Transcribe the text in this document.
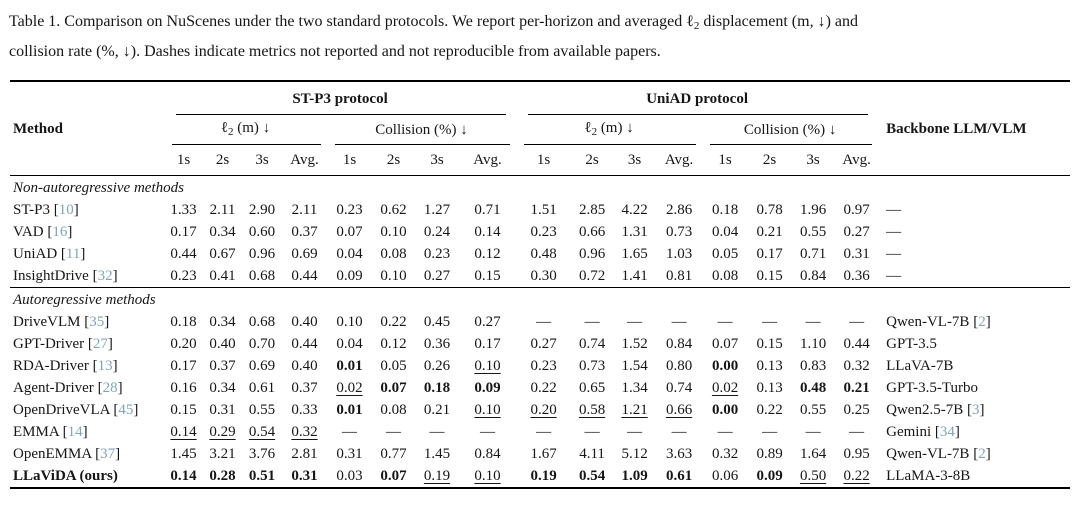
Table 1. Comparison on NuScenes under the two standard protocols. We report per-horizon and averaged ℓ2 displacement (m, ↓) and
collision rate (%, ↓). Dashes indicate metrics not reported and not reproducible from available papers.

Method	ST-P3 protocol								UniAD protocol								Backbone LLM/VLM
	ℓ$_2$ (m) ↓				Collision (%) ↓				ℓ$_2$ (m) ↓				Collision (%) ↓				
	1s	2s	3s	Avg.	1s	2s	3s	Avg.	1s	2s	3s	Avg.	1s	2s	3s	Avg.	
Non-autoregressive methods																	
ST-P3 [10]	1.33	2.11	2.90	2.11	0.23	0.62	1.27	0.71	1.51	2.85	4.22	2.86	0.18	0.78	1.96	0.97	—
VAD [16]	0.17	0.34	0.60	0.37	0.07	0.10	0.24	0.14	0.23	0.66	1.31	0.73	0.04	0.21	0.55	0.27	—
UniAD [11]	0.44	0.67	0.96	0.69	0.04	0.08	0.23	0.12	0.48	0.96	1.65	1.03	0.05	0.17	0.71	0.31	—
InsightDrive [32]	0.23	0.41	0.68	0.44	0.09	0.10	0.27	0.15	0.30	0.72	1.41	0.81	0.08	0.15	0.84	0.36	—
Autoregressive methods																	
DriveVLM [35]	0.18	0.34	0.68	0.40	0.10	0.22	0.45	0.27	—	—	—	—	—	—	—	—	Qwen-VL-7B [2]
GPT-Driver [27]	0.20	0.40	0.70	0.44	0.04	0.12	0.36	0.17	0.27	0.74	1.52	0.84	0.07	0.15	1.10	0.44	GPT-3.5
RDA-Driver [13]	0.17	0.37	0.69	0.40	0.01	0.05	0.26	0.10	0.23	0.73	1.54	0.80	0.00	0.13	0.83	0.32	LLaVA-7B
Agent-Driver [28]	0.16	0.34	0.61	0.37	0.02	0.07	0.18	0.09	0.22	0.65	1.34	0.74	0.02	0.13	0.48	0.21	GPT-3.5-Turbo
OpenDriveVLA [45]	0.15	0.31	0.55	0.33	0.01	0.08	0.21	0.10	0.20	0.58	1.21	0.66	0.00	0.22	0.55	0.25	Qwen2.5-7B [3]
EMMA [14]	0.14	0.29	0.54	0.32	—	—	—	—	—	—	—	—	—	—	—	—	Gemini [34]
OpenEMMA [37]	1.45	3.21	3.76	2.81	0.31	0.77	1.45	0.84	1.67	4.11	5.12	3.63	0.32	0.89	1.64	0.95	Qwen-VL-7B [2]
LLaViDA (ours)	0.14	0.28	0.51	0.31	0.03	0.07	0.19	0.10	0.19	0.54	1.09	0.61	0.06	0.09	0.50	0.22	LLaMA-3-8B
